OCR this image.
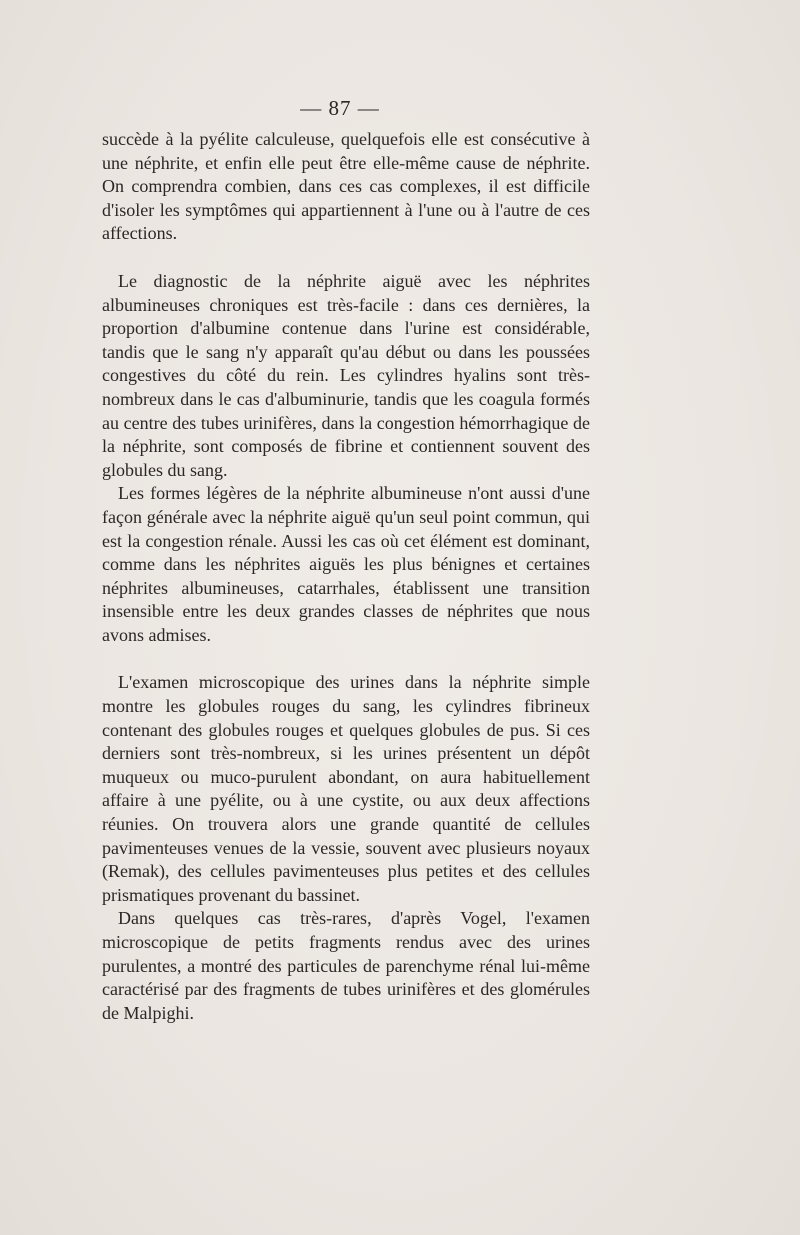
— 87 —

succède à la pyélite calculeuse, quelquefois elle est consécutive à une néphrite, et enfin elle peut être elle-même cause de néphrite. On comprendra combien, dans ces cas complexes, il est difficile d'isoler les symptômes qui appartiennent à l'une ou à l'autre de ces affections.

Le diagnostic de la néphrite aiguë avec les néphrites albumineuses chroniques est très-facile : dans ces dernières, la proportion d'albumine contenue dans l'urine est considérable, tandis que le sang n'y apparaît qu'au début ou dans les poussées congestives du côté du rein. Les cylindres hyalins sont très-nombreux dans le cas d'albuminurie, tandis que les coagula formés au centre des tubes urinifères, dans la congestion hémorrhagique de la néphrite, sont composés de fibrine et contiennent souvent des globules du sang.

Les formes légères de la néphrite albumineuse n'ont aussi d'une façon générale avec la néphrite aiguë qu'un seul point commun, qui est la congestion rénale. Aussi les cas où cet élément est dominant, comme dans les néphrites aiguës les plus bénignes et certaines néphrites albumineuses, catarrhales, établissent une transition insensible entre les deux grandes classes de néphrites que nous avons admises.

L'examen microscopique des urines dans la néphrite simple montre les globules rouges du sang, les cylindres fibrineux contenant des globules rouges et quelques globules de pus. Si ces derniers sont très-nombreux, si les urines présentent un dépôt muqueux ou muco-purulent abondant, on aura habituellement affaire à une pyélite, ou à une cystite, ou aux deux affections réunies. On trouvera alors une grande quantité de cellules pavimenteuses venues de la vessie, souvent avec plusieurs noyaux (Remak), des cellules pavimenteuses plus petites et des cellules prismatiques provenant du bassinet.

Dans quelques cas très-rares, d'après Vogel, l'examen microscopique de petits fragments rendus avec des urines purulentes, a montré des particules de parenchyme rénal lui-même caractérisé par des fragments de tubes urinifères et des glomérules de Malpighi.
